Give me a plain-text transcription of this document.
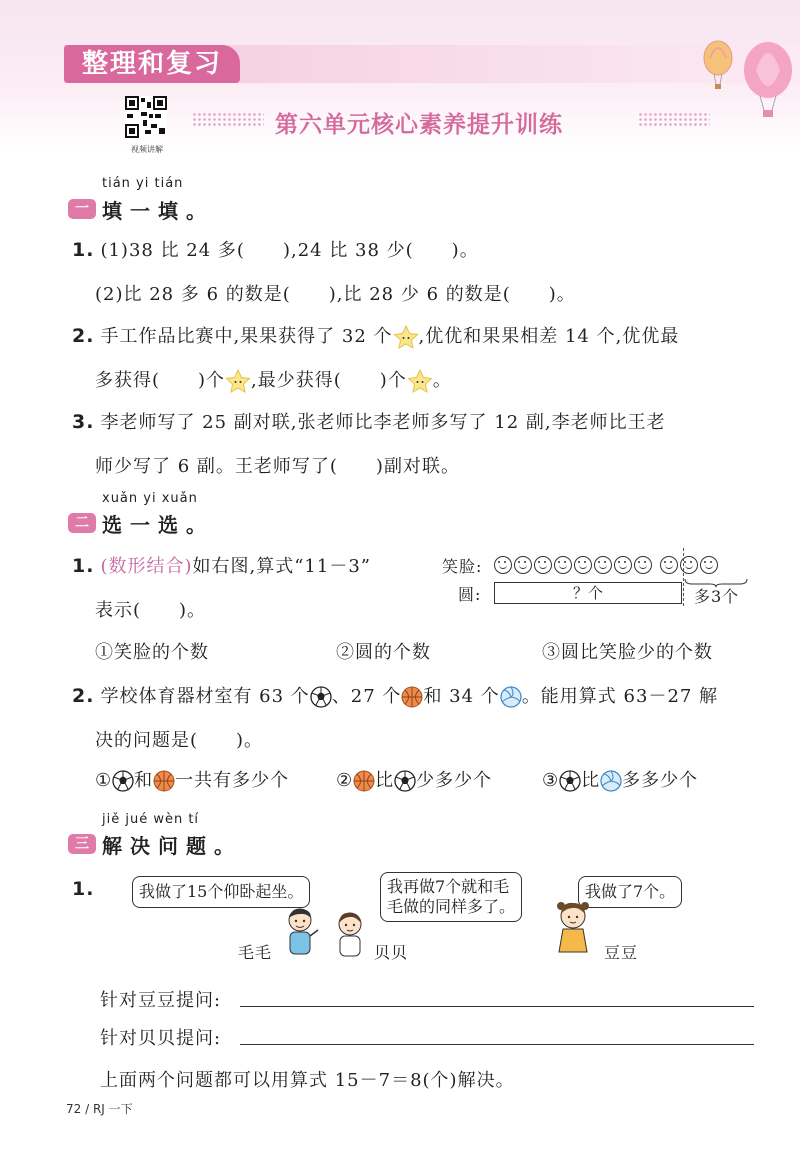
整理和复习
视频讲解
第六单元核心素养提升训练
tián yi tián
一 填一填。
1. (1)38 比 24 多(　　),24 比 38 少(　　)。
(2)比 28 多 6 的数是(　　),比 28 少 6 的数是(　　)。
2. 手工作品比赛中,果果获得了 32 个 ,优优和果果相差 14 个,优优最
多获得(　　)个 ,最少获得(　　)个 。
3. 李老师写了 25 副对联,张老师比李老师多写了 12 副,李老师比王老
师少写了 6 副。王老师写了(　　)副对联。
xuǎn yi xuǎn
二 选一选。
1. (数形结合)如右图,算式“11－3”
表示(　　)。
笑脸:
圆:	？个	多3个
①笑脸的个数	②圆的个数	③圆比笑脸少的个数
2. 学校体育器材室有 63 个 、27 个 和 34 个 。能用算式 63－27 解
决的问题是(　　)。
① 和 一共有多少个	② 比 少多少个	③ 比 多多少个
jiě jué wèn tí
三 解决问题。
1.	我做了15个仰卧起坐。	我再做7个就和毛
毛做的同样多了。
我做了7个。
毛毛	贝贝	豆豆
针对豆豆提问:
针对贝贝提问:
上面两个问题都可以用算式 15－7＝8(个)解决。
72 / RJ 一下
